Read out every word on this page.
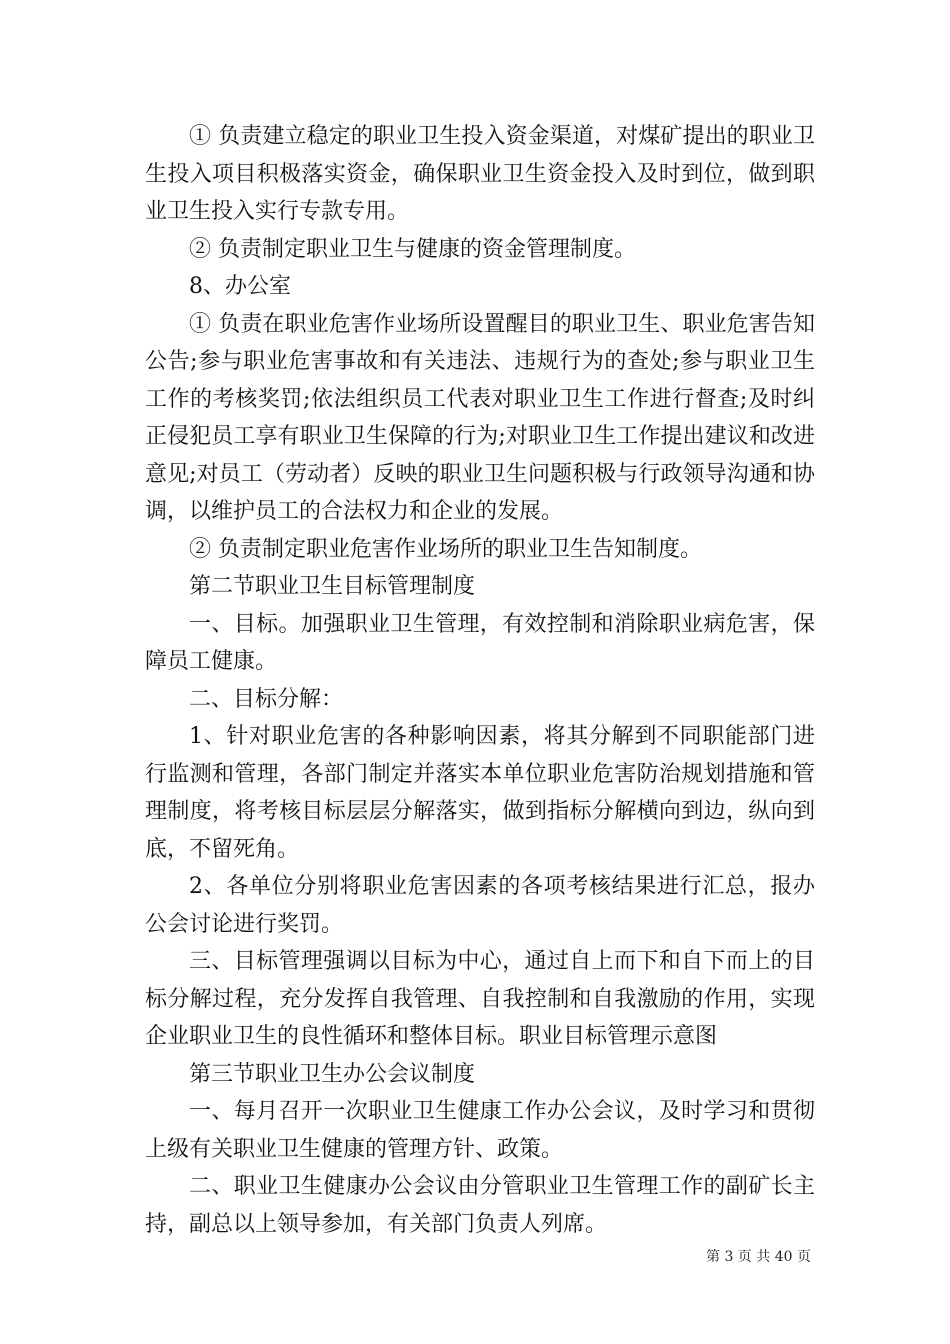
① 负责建立稳定的职业卫生投入资金渠道，对煤矿提出的职业卫生投入项目积极落实资金，确保职业卫生资金投入及时到位，做到职业卫生投入实行专款专用。

② 负责制定职业卫生与健康的资金管理制度。

8、办公室

① 负责在职业危害作业场所设置醒目的职业卫生、职业危害告知公告;参与职业危害事故和有关违法、违规行为的查处;参与职业卫生工作的考核奖罚;依法组织员工代表对职业卫生工作进行督查;及时纠正侵犯员工享有职业卫生保障的行为;对职业卫生工作提出建议和改进意见;对员工（劳动者）反映的职业卫生问题积极与行政领导沟通和协调，以维护员工的合法权力和企业的发展。

② 负责制定职业危害作业场所的职业卫生告知制度。

第二节职业卫生目标管理制度

一、目标。加强职业卫生管理，有效控制和消除职业病危害，保障员工健康。

二、目标分解：

1、针对职业危害的各种影响因素，将其分解到不同职能部门进行监测和管理，各部门制定并落实本单位职业危害防治规划措施和管理制度，将考核目标层层分解落实，做到指标分解横向到边，纵向到底，不留死角。

2、各单位分别将职业危害因素的各项考核结果进行汇总，报办公会讨论进行奖罚。

三、目标管理强调以目标为中心，通过自上而下和自下而上的目标分解过程，充分发挥自我管理、自我控制和自我激励的作用，实现企业职业卫生的良性循环和整体目标。职业目标管理示意图

第三节职业卫生办公会议制度

一、每月召开一次职业卫生健康工作办公会议，及时学习和贯彻上级有关职业卫生健康的管理方针、政策。

二、职业卫生健康办公会议由分管职业卫生管理工作的副矿长主持，副总以上领导参加，有关部门负责人列席。

第 3 页 共 40 页
